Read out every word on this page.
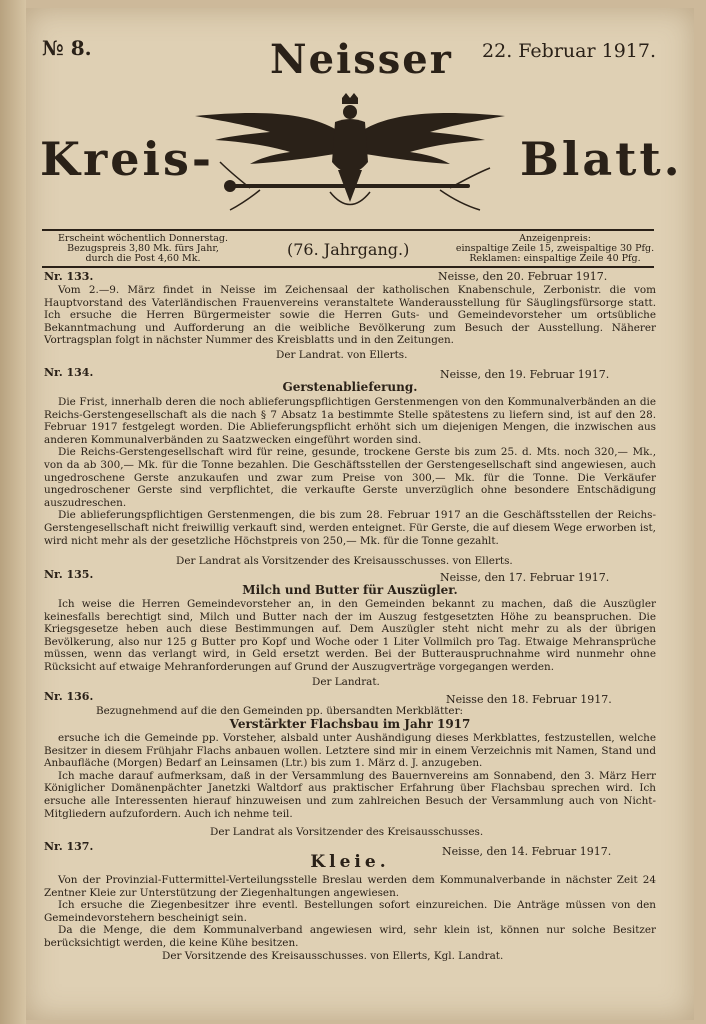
№ 8.	22. Februar 1917.
Neisser
Kreis-	Blatt.
Erscheint wöchentlich Donnerstag.
Bezugspreis 3,80 Mk. fürs Jahr,
durch die Post 4,60 Mk.	(76. Jahrgang.)
Anzeigenpreis:
einspaltige Zeile 15, zweispaltige 30 Pfg.
Reklamen: einspaltige Zeile 40 Pfg.
Nr. 133.	Neisse, den 20. Februar 1917.

Vom 2.—9. März findet in Neisse im Zeichensaal der katholischen Knabenschule, Zerbonistr. die vom Hauptvorstand des Vaterländischen Frauenvereins veranstaltete Wanderausstellung für Säuglingsfürsorge statt. Ich ersuche die Herren Bürgermeister sowie die Herren Guts- und Gemeindevorsteher um ortsübliche Bekanntmachung und Aufforderung an die weibliche Bevölkerung zum Besuch der Ausstellung. Näherer Vortragsplan folgt in nächster Nummer des Kreisblatts und in den Zeitungen.

Der Landrat. von Ellerts.
Nr. 134.	Neisse, den 19. Februar 1917.
Gerstenablieferung.

Die Frist, innerhalb deren die noch ablieferungspflichtigen Gerstenmengen von den Kommunalverbänden an die Reichs-Gerstengesellschaft als die nach § 7 Absatz 1a bestimmte Stelle spätestens zu liefern sind, ist auf den 28. Februar 1917 festgelegt worden. Die Ablieferungspflicht erhöht sich um diejenigen Mengen, die inzwischen aus anderen Kommunalverbänden zu Saatzwecken eingeführt worden sind.

Die Reichs-Gerstengesellschaft wird für reine, gesunde, trockene Gerste bis zum 25. d. Mts. noch 320,— Mk., von da ab 300,— Mk. für die Tonne bezahlen. Die Geschäftsstellen der Gerstengesellschaft sind angewiesen, auch ungedroschene Gerste anzukaufen und zwar zum Preise von 300,— Mk. für die Tonne. Die Verkäufer ungedroschener Gerste sind verpflichtet, die verkaufte Gerste unverzüglich ohne besondere Entschädigung auszudreschen.

Die ablieferungspflichtigen Gerstenmengen, die bis zum 28. Februar 1917 an die Geschäftsstellen der Reichs-Gerstengesellschaft nicht freiwillig verkauft sind, werden enteignet. Für Gerste, die auf diesem Wege erworben ist, wird nicht mehr als der gesetzliche Höchstpreis von 250,— Mk. für die Tonne gezahlt.

Der Landrat als Vorsitzender des Kreisausschusses. von Ellerts.
Nr. 135.	Neisse, den 17. Februar 1917.
Milch und Butter für Auszügler.

Ich weise die Herren Gemeindevorsteher an, in den Gemeinden bekannt zu machen, daß die Auszügler keinesfalls berechtigt sind, Milch und Butter nach der im Auszug festgesetzten Höhe zu beanspruchen. Die Kriegsgesetze heben auch diese Bestimmungen auf. Dem Auszügler steht nicht mehr zu als der übrigen Bevölkerung, also nur 125 g Butter pro Kopf und Woche oder 1 Liter Vollmilch pro Tag. Etwaige Mehransprüche müssen, wenn das verlangt wird, in Geld ersetzt werden. Bei der Butterauspruchnahme wird nunmehr ohne Rücksicht auf etwaige Mehranforderungen auf Grund der Auszugverträge vorgegangen werden.

Der Landrat.
Nr. 136.	Neisse den 18. Februar 1917.
Bezugnehmend auf die den Gemeinden pp. übersandten Merkblätter:
Verstärkter Flachsbau im Jahr 1917

ersuche ich die Gemeinde pp. Vorsteher, alsbald unter Aushändigung dieses Merkblattes, festzustellen, welche Besitzer in diesem Frühjahr Flachs anbauen wollen. Letztere sind mir in einem Verzeichnis mit Namen, Stand und Anbaufläche (Morgen) Bedarf an Leinsamen (Ltr.) bis zum 1. März d. J. anzugeben.

Ich mache darauf aufmerksam, daß in der Versammlung des Bauernvereins am Sonnabend, den 3. März Herr Königlicher Domänenpächter Janetzki Waltdorf aus praktischer Erfahrung über Flachsbau sprechen wird. Ich ersuche alle Interessenten hierauf hinzuweisen und zum zahlreichen Besuch der Versammlung auch von Nicht-Mitgliedern aufzufordern. Auch ich nehme teil.

Der Landrat als Vorsitzender des Kreisausschusses.
Nr. 137.	Neisse, den 14. Februar 1917.
Kleie.

Von der Provinzial-Futtermittel-Verteilungsstelle Breslau werden dem Kommunalverbande in nächster Zeit 24 Zentner Kleie zur Unterstützung der Ziegenhaltungen angewiesen.

Ich ersuche die Ziegenbesitzer ihre eventl. Bestellungen sofort einzureichen. Die Anträge müssen von den Gemeindevorstehern bescheinigt sein.

Da die Menge, die dem Kommunalverband angewiesen wird, sehr klein ist, können nur solche Besitzer berücksichtigt werden, die keine Kühe besitzen.

Der Vorsitzende des Kreisausschusses. von Ellerts, Kgl. Landrat.
